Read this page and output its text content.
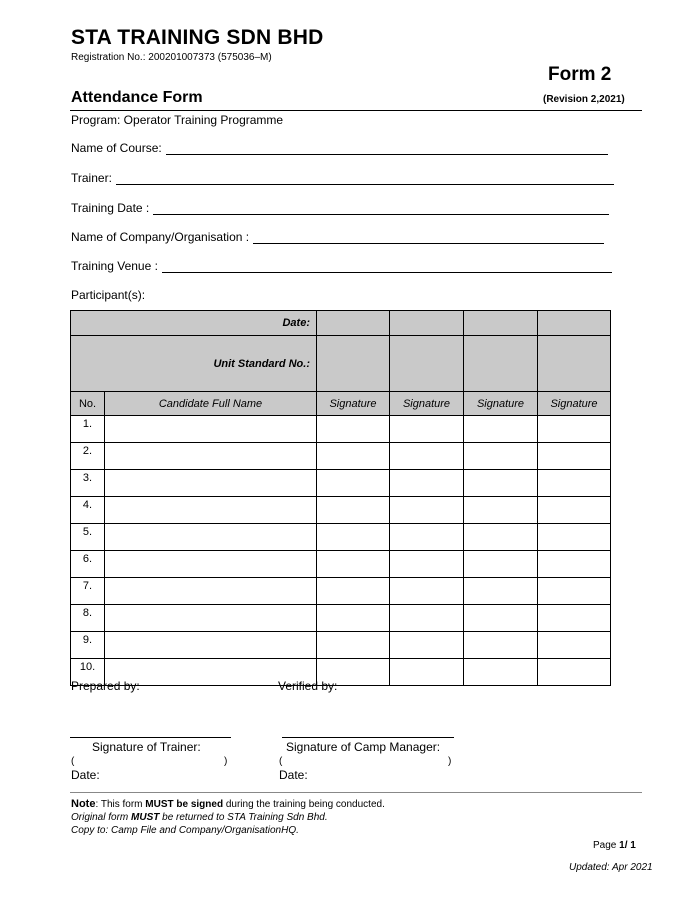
STA TRAINING SDN BHD
Registration No.: 200201007373 (575036–M)
Form 2
(Revision 2,2021)
Attendance Form
Program: Operator Training Programme
Name of Course:
Trainer:
Training Date :
Name of Company/Organisation :
Training Venue :
Participant(s):
Date:					
Unit Standard No.:					
No.	Candidate Full Name	Signature	Signature	Signature	Signature
1.					
2.					
3.					
4.					
5.					
6.					
7.					
8.					
9.					
10.					
Prepared by:	Verified by:
Signature of Trainer:	Signature of Camp Manager:
(	)	(	)
Date:	Date:
Note: This form MUST be signed during the training being conducted.
Original form MUST be returned to STA Training Sdn Bhd.
Copy to: Camp File and Company/OrganisationHQ.
Page 1/ 1
Updated: Apr 2021
